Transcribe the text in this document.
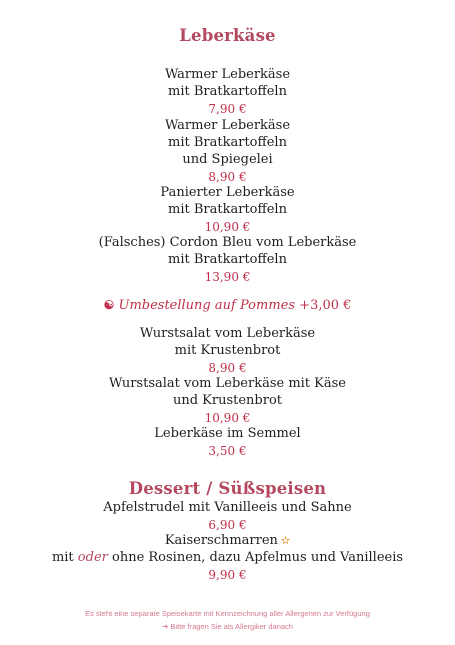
Leberkäse
Warmer Leberkäse
mit Bratkartoffeln
7,90 €
Warmer Leberkäse
mit Bratkartoffeln
und Spiegelei
8,90 €
Panierter Leberkäse
mit Bratkartoffeln
10,90 €
(Falsches) Cordon Bleu vom Leberkäse
mit Bratkartoffeln
13,90 €
☯ Umbestellung auf Pommes +3,00 €
Wurstsalat vom Leberkäse
mit Krustenbrot
8,90 €
Wurstsalat vom Leberkäse mit Käse
und Krustenbrot
10,90 €
Leberkäse im Semmel
3,50 €
Dessert / Süßspeisen
Apfelstrudel mit Vanilleeis und Sahne
6,90 €
Kaiserschmarren ✫
mit oder ohne Rosinen, dazu Apfelmus und Vanilleeis
9,90 €
Es steht eine separate Speisekarte mit Kennzeichnung aller Allergenen zur Verfügung
➔ Bitte fragen Sie als Allergiker danach
